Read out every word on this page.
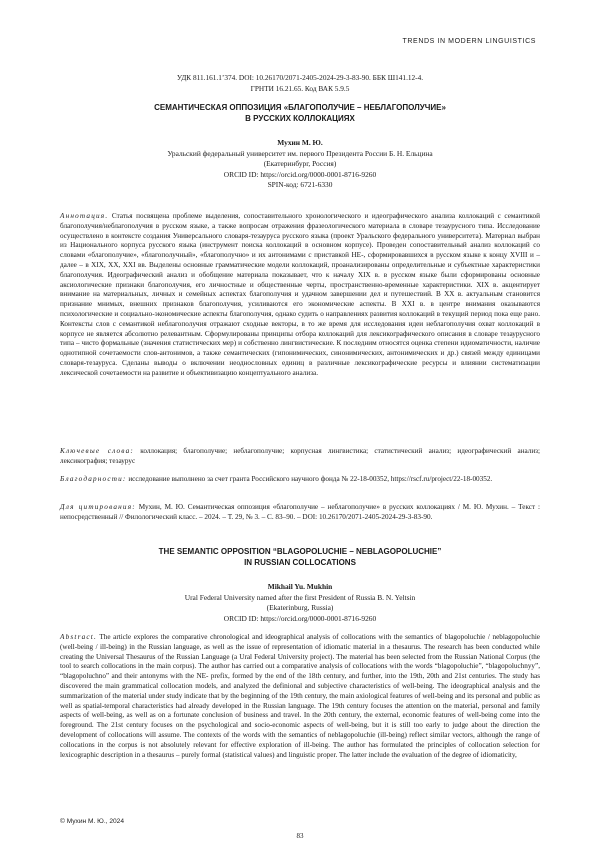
TRENDS IN MODERN LINGUISTICS
УДК 811.161.1’374. DOI: 10.26170/2071-2405-2024-29-3-83-90. ББК Ш141.12-4.
ГРНТИ 16.21.65. Код ВАК 5.9.5
СЕМАНТИЧЕСКАЯ ОППОЗИЦИЯ «БЛАГОПОЛУЧИЕ – НЕБЛАГОПОЛУЧИЕ»
В РУССКИХ КОЛЛОКАЦИЯХ
Мухин М. Ю.
Уральский федеральный университет им. первого Президента России Б. Н. Ельцина
(Екатеринбург, Россия)
ORCID ID: https://orcid.org/0000-0001-8716-9260
SPIN-код: 6721-6330

Аннотация. Статья посвящена проблеме выделения, сопоставительного хронологического и идеографического анализа коллокаций с семантикой благополучия/неблагополучия в русском языке, а также вопросам отражения фразеологического материала в словаре тезаурусного типа. Исследование осуществлено в контексте создания Универсального словаря-тезауруса русского языка (проект Уральского федерального университета). Материал выбран из Национального корпуса русского языка (инструмент поиска коллокаций в основном корпусе). Проведен сопоставительный анализ коллокаций со словами «благополучие», «благополучный», «благополучно» и их антонимами с приставкой НЕ-, сформировавшихся в русском языке к концу XVIII и – далее – в XIX, XX, XXI вв. Выделены основные грамматические модели коллокаций, проанализированы определительные и субъектные характеристики благополучия. Идеографический анализ и обобщение материала показывает, что к началу XIX в. в русском языке были сформированы основные аксиологические признаки благополучия, его личностные и общественные черты, пространственно-временные характеристики. XIX в. акцентирует внимание на материальных, личных и семейных аспектах благополучия и удачном завершении дел и путешествий. В XX в. актуальным становится признание мнимых, внешних признаков благополучия, усиливаются его экономические аспекты. В XXI в. в центре внимания оказываются психологические и социально-экономические аспекты благополучия, однако судить о направлениях развития коллокаций в текущий период пока еще рано. Контексты слов с семантикой неблагополучия отражают сходные векторы, в то же время для исследования идеи неблагополучия охват коллокаций в корпусе не является абсолютно релевантным. Сформулированы принципы отбора коллокаций для лексикографического описания в словаре тезаурусного типа – чисто формальные (значения статистических мер) и собственно лингвистические. К последним относятся оценка степени идиоматичности, наличие однотипной сочетаемости слов-антонимов, а также семантических (гипонимических, синонимических, антонимических и др.) связей между единицами словаря-тезауруса. Сделаны выводы о включении неоднословных единиц в различные лексикографические ресурсы и влиянии систематизации лексической сочетаемости на развитие и объективизацию концептуального анализа.

Ключевые слова: коллокация; благополучие; неблагополучие; корпусная лингвистика; статистический анализ; идеографический анализ; лексикография; тезаурус

Благодарности: исследование выполнено за счет гранта Российского научного фонда № 22-18-00352, https://rscf.ru/project/22-18-00352.

Для цитирования: Мухин, М. Ю. Семантическая оппозиция «благополучие – неблагополучие» в русских коллокациях / М. Ю. Мухин. – Текст : непосредственный // Филологический класс. – 2024. – Т. 29, № 3. – С. 83–90. – DOI: 10.26170/2071-2405-2024-29-3-83-90.

THE SEMANTIC OPPOSITION “BLAGOPOLUCHIE – NEBLAGOPOLUCHIE”
IN RUSSIAN COLLOCATIONS
Mikhail Yu. Mukhin
Ural Federal University named after the first President of Russia B. N. Yeltsin
(Ekaterinburg, Russia)
ORCID ID: https://orcid.org/0000-0001-8716-9260

Abstract. The article explores the comparative chronological and ideographical analysis of collocations with the semantics of blagopoluchie / neblagopoluchie (well-being / ill-being) in the Russian language, as well as the issue of representation of idiomatic material in a thesaurus. The research has been conducted while creating the Universal Thesaurus of the Russian Language (a Ural Federal University project). The material has been selected from the Russian National Corpus (the tool to search collocations in the main corpus). The author has carried out a comparative analysis of collocations with the words “blagopoluchie”, “blagopoluchnyy”, “blagopoluchno” and their antonyms with the NE- prefix, formed by the end of the 18th century, and further, into the 19th, 20th and 21st centuries. The study has discovered the main grammatical collocation models, and analyzed the definional and subjective characteristics of well-being. The ideographical analysis and the summarization of the material under study indicate that by the beginning of the 19th century, the main axiological features of well-being and its personal and public as well as spatial-temporal characteristics had already developed in the Russian language. The 19th century focuses the attention on the material, personal and family aspects of well-being, as well as on a fortunate conclusion of business and travel. In the 20th century, the external, economic features of well-being come into the foreground. The 21st century focuses on the psychological and socio-economic aspects of well-being, but it is still too early to judge about the direction the development of collocations will assume. The contexts of the words with the semantics of neblagopoluchie (ill-being) reflect similar vectors, although the range of collocations in the corpus is not absolutely relevant for effective exploration of ill-being. The author has formulated the principles of collocation selection for lexicographic description in a thesaurus – purely formal (statistical values) and linguistic proper. The latter include the evaluation of the degree of idiomaticity,

© Мухин М. Ю., 2024
83
